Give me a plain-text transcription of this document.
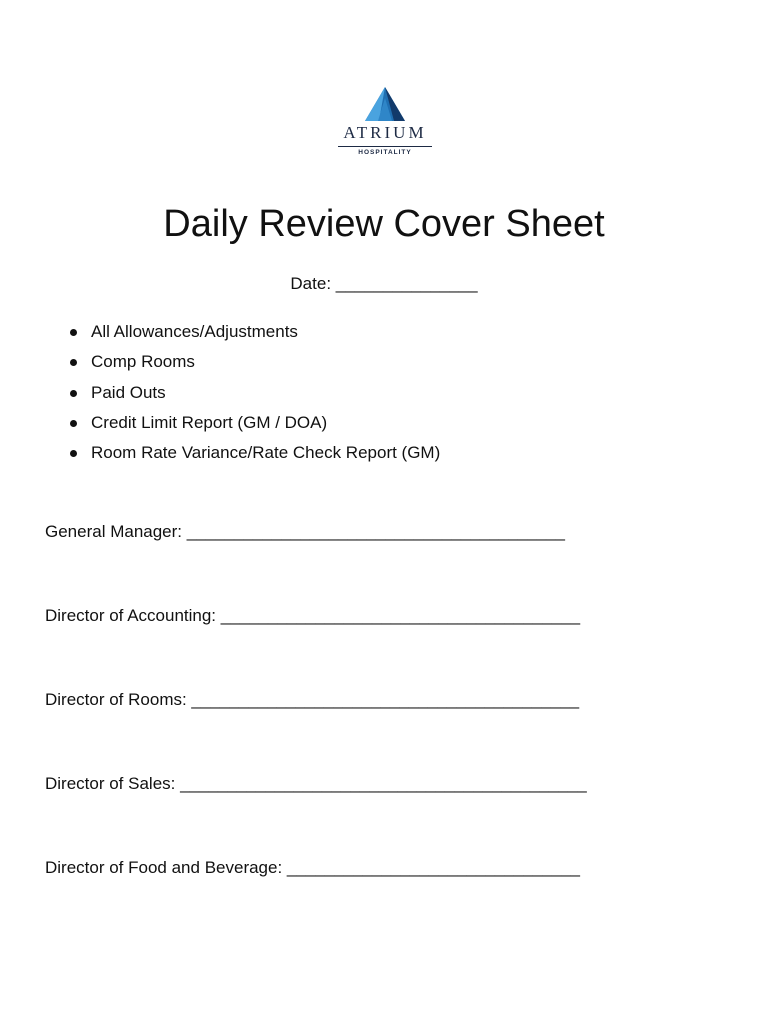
ATRIUM
HOSPITALITY
Daily Review Cover Sheet
Date: _______________
All Allowances/Adjustments
Comp Rooms
Paid Outs
Credit Limit Report (GM / DOA)
Room Rate Variance/Rate Check Report (GM)
General Manager: ________________________________________
Director of Accounting: ______________________________________
Director of Rooms: _________________________________________
Director of Sales: ___________________________________________
Director of Food and Beverage: _______________________________
